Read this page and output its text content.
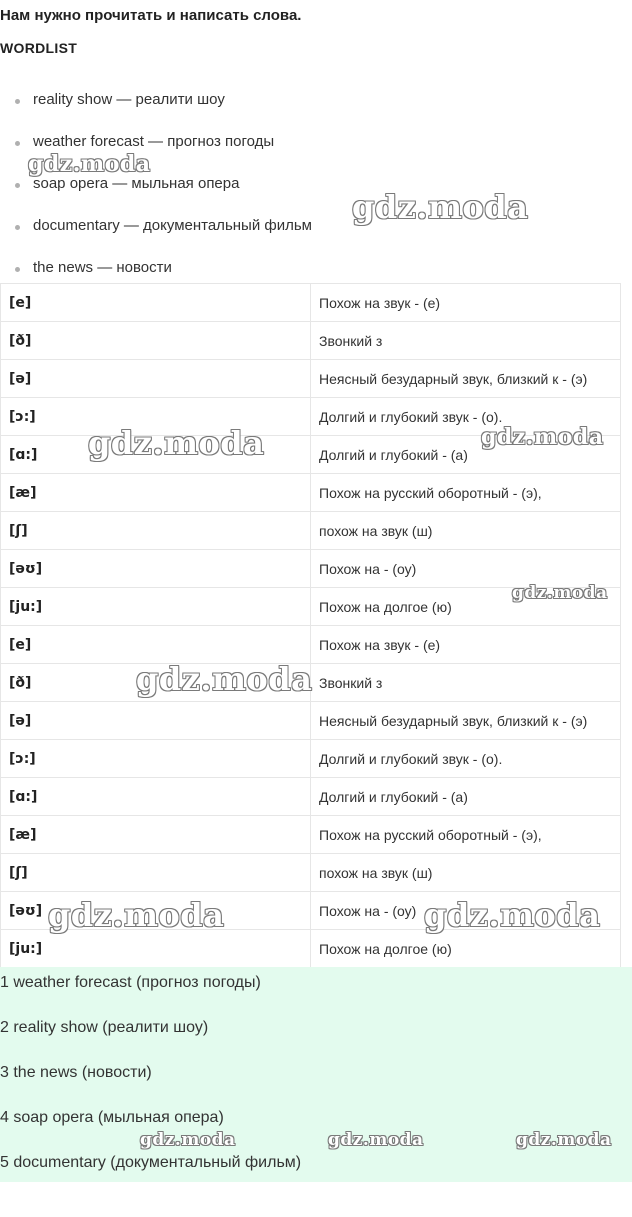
Нам нужно прочитать и написать слова.
WORDLIST
reality show — реалити шоу
weather forecast — прогноз погоды
soap opera — мыльная опера
documentary — документальный фильм
the news — новости
[e]	Похож на звук - (е)
[ð]	Звонкий з
[ə]	Неясный безударный звук, близкий к - (э)
[ɔ:]	Долгий и глубокий звук - (о).
[ɑ:]	Долгий и глубокий - (а)
[æ]	Похож на русский оборотный - (э),
[ʃ]	похож на звук (ш)
[əʊ]	Похож на - (оу)
[ju:]	Похож на долгое (ю)
[e]	Похож на звук - (е)
[ð]	Звонкий з
[ə]	Неясный безударный звук, близкий к - (э)
[ɔ:]	Долгий и глубокий звук - (о).
[ɑ:]	Долгий и глубокий - (а)
[æ]	Похож на русский оборотный - (э),
[ʃ]	похож на звук (ш)
[əʊ]	Похож на - (оу)
[ju:]	Похож на долгое (ю)
1 weather forecast (прогноз погоды)
2 reality show (реалити шоу)
3 the news (новости)
4 soap opera (мыльная опера)
5 documentary (документальный фильм)
gdz.moda
gdz.moda
gdz.moda	gdz.moda
gdz.moda
gdz.moda
gdz.moda	gdz.moda
gdz.moda	gdz.moda	gdz.moda
